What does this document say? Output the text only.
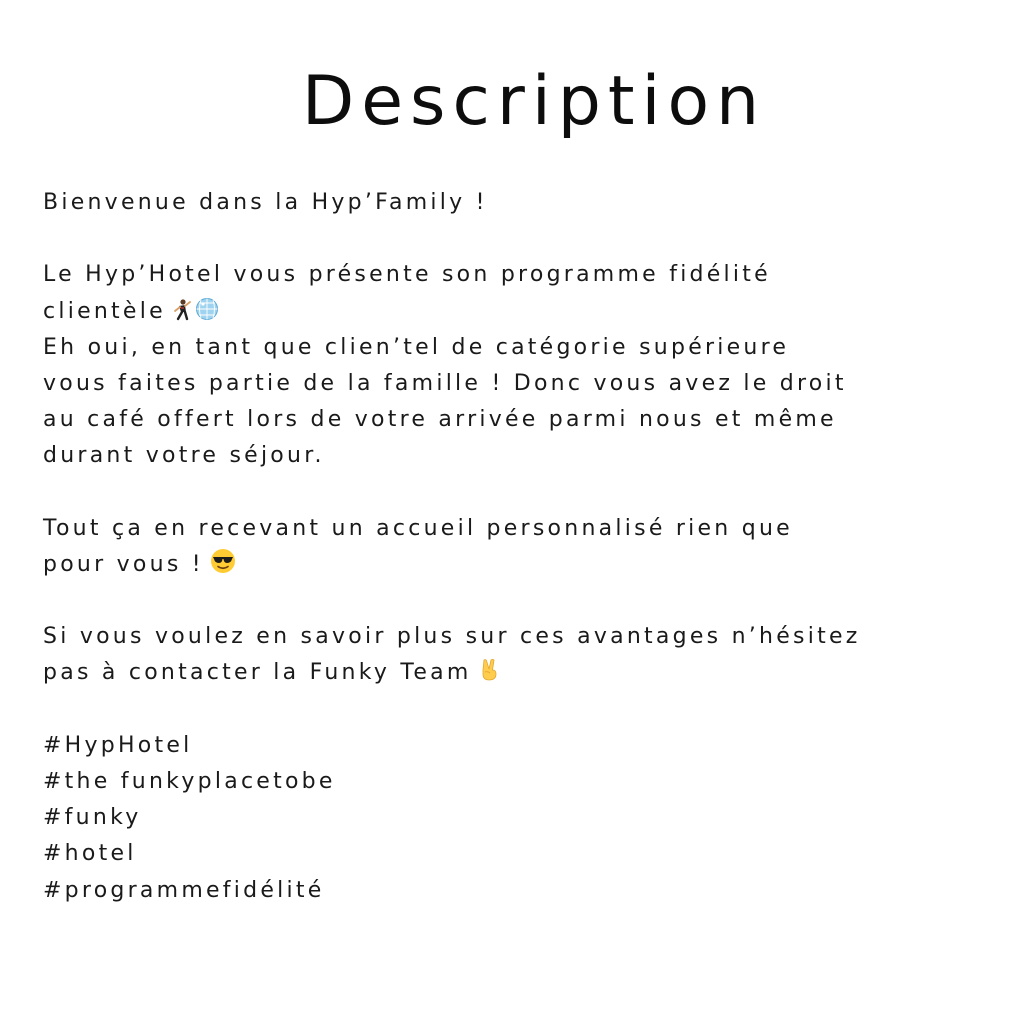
Description
Bienvenue dans la Hyp’Family !
Le Hyp’Hotel vous présente son programme fidélité
clientèle
Eh oui, en tant que clien’tel de catégorie supérieure
vous faites partie de la famille ! Donc vous avez le droit
au café offert lors de votre arrivée parmi nous et même
durant votre séjour.
Tout ça en recevant un accueil personnalisé rien que
pour vous !
Si vous voulez en savoir plus sur ces avantages n’hésitez
pas à contacter la Funky Team
#HypHotel
#the funkyplacetobe
#funky
#hotel
#programmefidélité
